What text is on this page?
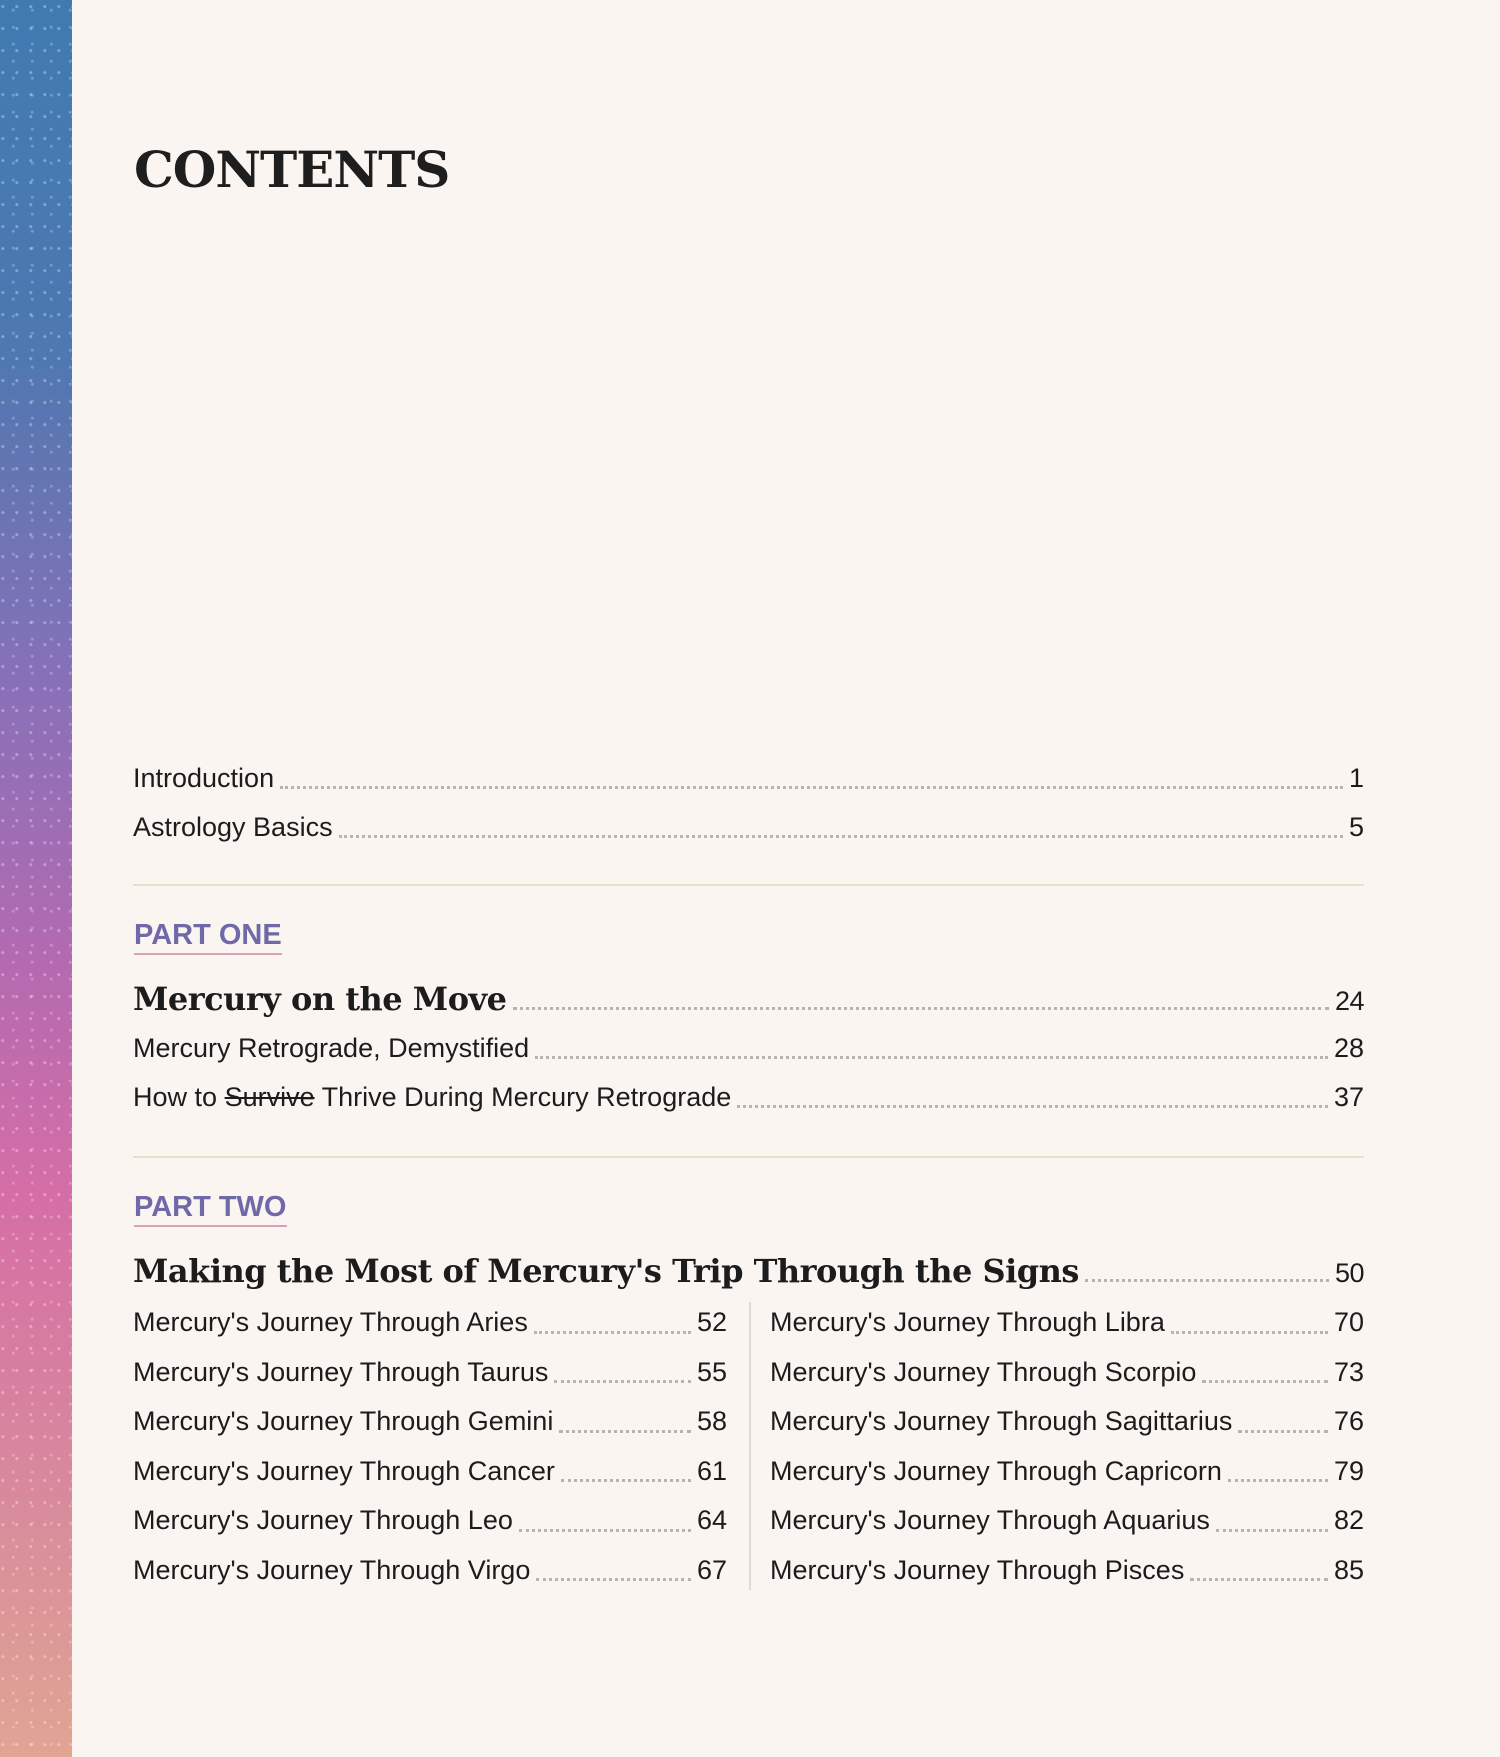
CONTENTS
Introduction	1
Astrology Basics	5
PART ONE
Mercury on the Move	24
Mercury Retrograde, Demystified	28
How to Survive Thrive During Mercury Retrograde	37
PART TWO
Making the Most of Mercury's Trip Through the Signs	50
Mercury's Journey Through Aries	52
Mercury's Journey Through Taurus	55
Mercury's Journey Through Gemini	58
Mercury's Journey Through Cancer	61
Mercury's Journey Through Leo	64
Mercury's Journey Through Virgo	67
Mercury's Journey Through Libra	70
Mercury's Journey Through Scorpio	73
Mercury's Journey Through Sagittarius	76
Mercury's Journey Through Capricorn	79
Mercury's Journey Through Aquarius	82
Mercury's Journey Through Pisces	85
